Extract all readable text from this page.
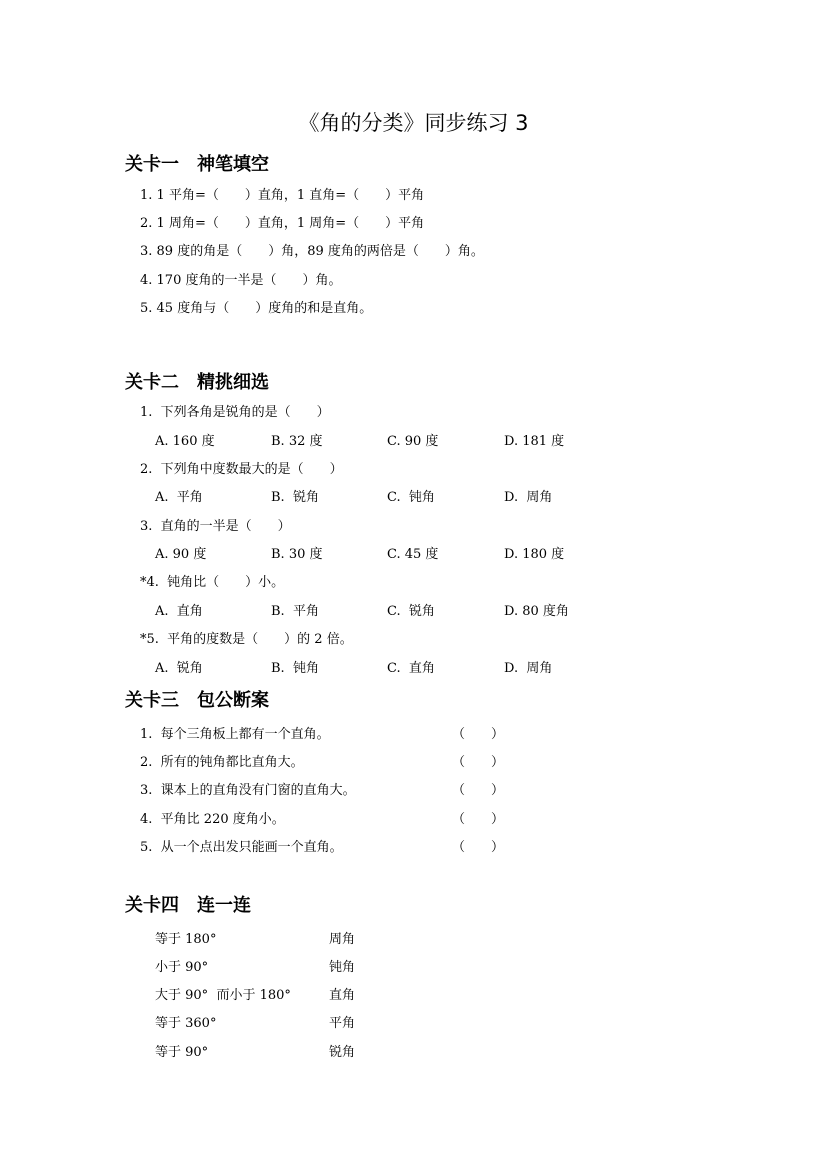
《角的分类》同步练习 3
关卡一　神笔填空
1. 1 平角=（　　）直角，1 直角=（　　）平角
2. 1 周角=（　　）直角，1 周角=（　　）平角
3. 89 度的角是（　　）角，89 度角的两倍是（　　）角。
4. 170 度角的一半是（　　）角。
5. 45 度角与（　　）度角的和是直角。
关卡二　精挑细选
1.  下列各角是锐角的是（　　）
A. 160 度	B. 32 度	C. 90 度	D. 181 度
2.  下列角中度数最大的是（　　）
A.  平角	B.  锐角	C.  钝角	D.  周角
3.  直角的一半是（　　）
A. 90 度	B. 30 度	C. 45 度	D. 180 度
*4.  钝角比（　　）小。
A.  直角	B.  平角	C.  锐角	D. 80 度角
*5.  平角的度数是（　　）的 2 倍。
A.  锐角	B.  钝角	C.  直角	D.  周角
关卡三　包公断案
1.  每个三角板上都有一个直角。	（　　）
2.  所有的钝角都比直角大。	（　　）
3.  课本上的直角没有门窗的直角大。	（　　）
4.  平角比 220 度角小。	（　　）
5.  从一个点出发只能画一个直角。	（　　）
关卡四　连一连
等于 180°	周角
小于 90°	钝角
大于 90°  而小于 180°	直角
等于 360°	平角
等于 90°	锐角
